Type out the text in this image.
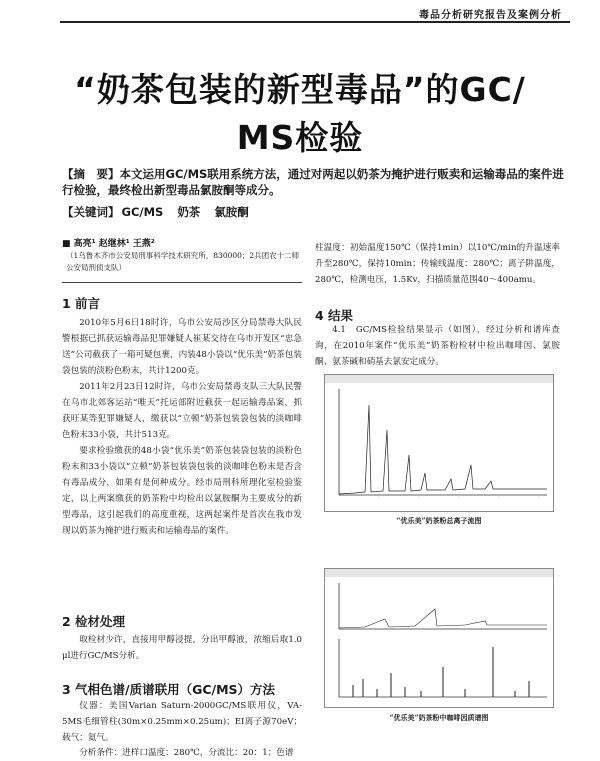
毒品分析研究报告及案例分析
“奶茶包装的新型毒品”的GC/
MS检验
【摘　要】本文运用GC/MS联用系统方法，通过对两起以奶茶为掩护进行贩卖和运输毒品的案件进行检验，最终检出新型毒品氯胺酮等成分。
【关键词】 GC/MS 奶茶 氯胺酮
■ 高亮¹ 赵继林¹ 王燕²
（1乌鲁木齐市公安局刑事科学技术研究所，830000；2兵团农十二师公安局刑侦支队）
1 前言

2010年5月6日18时许，乌市公安局沙区分局禁毒大队民警根据已抓获运输毒品犯罪嫌疑人崔某交待在乌市开发区“忠急送”公司截获了一箱可疑包裹，内装48小袋以“优乐美”奶茶包装袋包装的淡粉色粉末，共计1200克。

2011年2月23日12时许，乌市公安局禁毒支队三大队民警在乌市北郊客运站“唯天”托运部附近截获一起运输毒品案，抓获旺某等犯罪嫌疑人，缴获以“立顿”奶茶包装袋包装的淡咖啡色粉末33小袋，共计513克。

要求检验缴获的48小袋“优乐美”奶茶包装袋包装的淡粉色粉末和33小袋以“立顿”奶茶包装袋包装的淡咖啡色粉末是否含有毒品成分，如果有是何种成分。经市局刑科所理化室检验鉴定，以上两案缴获的奶茶粉中均检出以氯胺酮为主要成分的新型毒品，这引起我们的高度重视，这两起案件是首次在我市发现以奶茶为掩护进行贩卖和运输毒品的案件。

2 检材处理

取检材少许，直接用甲醇浸提，分出甲醇液，浓缩后取1.0 μl进行GC/MS分析。

3 气相色谱/质谱联用（GC/MS）方法

仪器：美国Varian Saturn-2000GC/MS联用仪，VA-5MS毛细管柱(30m×0.25mm×0.25um)；EI离子源70eV；载气：氦气。

分析条件：进样口温度：280℃，分流比：20：1；色谱

柱温度：初始温度150℃（保持1min）以10℃/min的升温速率升至280℃，保持10min；传输线温度：280℃；离子阱温度，280℃，检测电压，1.5Kv，扫描质量范围40～400amu。

4 结果

4.1　GC/MS检验结果显示（如图），经过分析和谱库查询，在2010年案件“优乐美”奶茶粉检材中检出咖啡因、氯胺酮、氨茶碱和硝基去氯安定成分。

“优乐美”奶茶粉总离子流图
“优乐美”奶茶粉中咖啡因质谱图
